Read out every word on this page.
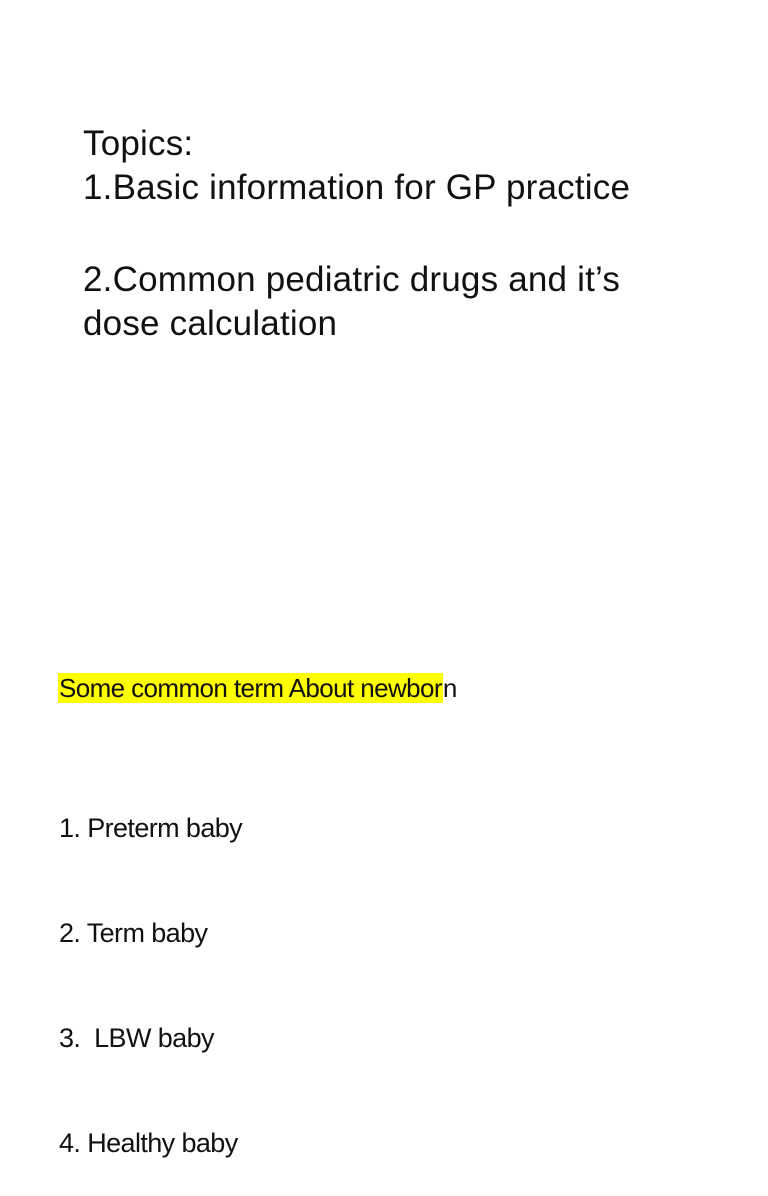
Topics:
1.Basic information for GP practice
2.Common pediatric drugs and it’s
dose calculation
Some common term About newborn

1. Preterm baby

2. Term baby

3.  LBW baby

4. Healthy baby
